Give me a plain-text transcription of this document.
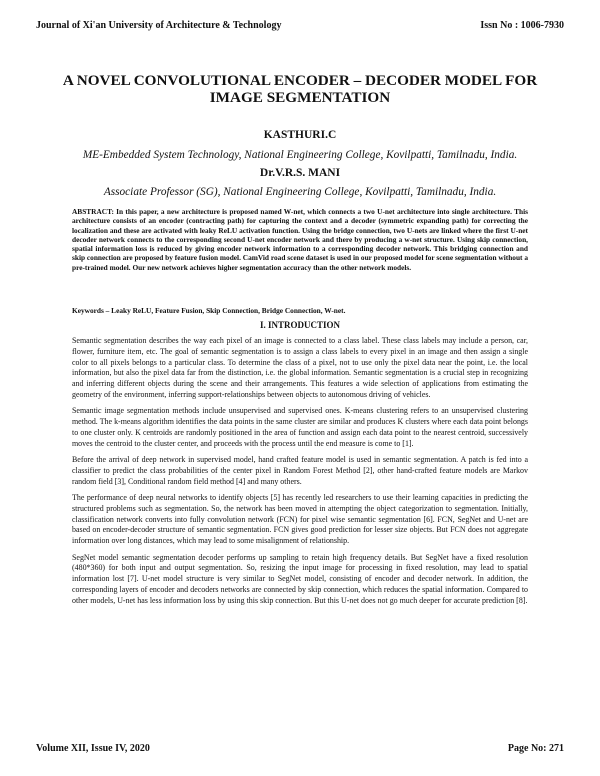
Journal of Xi'an University of Architecture & Technology	Issn No : 1006-7930
A NOVEL CONVOLUTIONAL ENCODER – DECODER MODEL FOR IMAGE SEGMENTATION
KASTHURI.C
ME-Embedded System Technology, National Engineering College, Kovilpatti, Tamilnadu, India.
Dr.V.R.S. MANI
Associate Professor (SG), National Engineering College, Kovilpatti, Tamilnadu, India.
ABSTRACT: In this paper, a new architecture is proposed named W-net, which connects a two U-net architecture into single architecture. This architecture consists of an encoder (contracting path) for capturing the context and a decoder (symmetric expanding path) for correcting the localization and these are activated with leaky ReLU activation function. Using the bridge connection, two U-nets are linked where the first U-net decoder network connects to the corresponding second U-net encoder network and there by producing a w-net structure. Using skip connection, spatial information loss is reduced by giving encoder network information to a corresponding decoder network. This bridging connection and skip connection are proposed by feature fusion model. CamVid road scene dataset is used in our proposed model for scene segmentation without a pre-trained model. Our new network achieves higher segmentation accuracy than the other network models.
Keywords – Leaky ReLU, Feature Fusion, Skip Connection, Bridge Connection, W-net.
I. INTRODUCTION

Semantic segmentation describes the way each pixel of an image is connected to a class label. These class labels may include a person, car, flower, furniture item, etc. The goal of semantic segmentation is to assign a class labels to every pixel in an image and then assign a single color to all pixels belongs to a particular class. To determine the class of a pixel, not to use only the pixel data near the point, i.e. the local information, but also the pixel data far from the distinction, i.e. the global information. Semantic segmentation is a crucial step in recognizing and inferring different objects during the scene and their arrangements. This features a wide selection of applications from estimating the geometry of the environment, inferring support-relationships between objects to autonomous driving of vehicles.

Semantic image segmentation methods include unsupervised and supervised ones. K-means clustering refers to an unsupervised clustering method. The k-means algorithm identifies the data points in the same cluster are similar and produces K clusters where each data point belongs to one cluster only. K centroids are randomly positioned in the area of function and assign each data point to the nearest centroid, successively moves the centroid to the cluster center, and proceeds with the process until the end measure is come to [1].

Before the arrival of deep network in supervised model, hand crafted feature model is used in semantic segmentation. A patch is fed into a classifier to predict the class probabilities of the center pixel in Random Forest Method [2], other hand-crafted feature models are Markov random field [3], Conditional random field method [4] and many others.

The performance of deep neural networks to identify objects [5] has recently led researchers to use their learning capacities in predicting the structured problems such as segmentation. So, the network has been moved in attempting the object categorization to segmentation. Initially, classification network converts into fully convolution network (FCN) for pixel wise semantic segmentation [6]. FCN, SegNet and U-net are based on encoder-decoder structure of semantic segmentation. FCN gives good prediction for lesser size objects. But FCN does not aggregate information over long distances, which may lead to some misalignment of relationship.

SegNet model semantic segmentation decoder performs up sampling to retain high frequency details. But SegNet have a fixed resolution (480*360) for both input and output segmentation. So, resizing the input image for processing in fixed resolution, may lead to spatial information lost [7]. U-net model structure is very similar to SegNet model, consisting of encoder and decoder network. In addition, the corresponding layers of encoder and decoders networks are connected by skip connection, which reduces the spatial information. Compared to other models, U-net has less information loss by using this skip connection. But this U-net does not go much deeper for accurate prediction [8].

Volume XII, Issue IV, 2020	Page No: 271
